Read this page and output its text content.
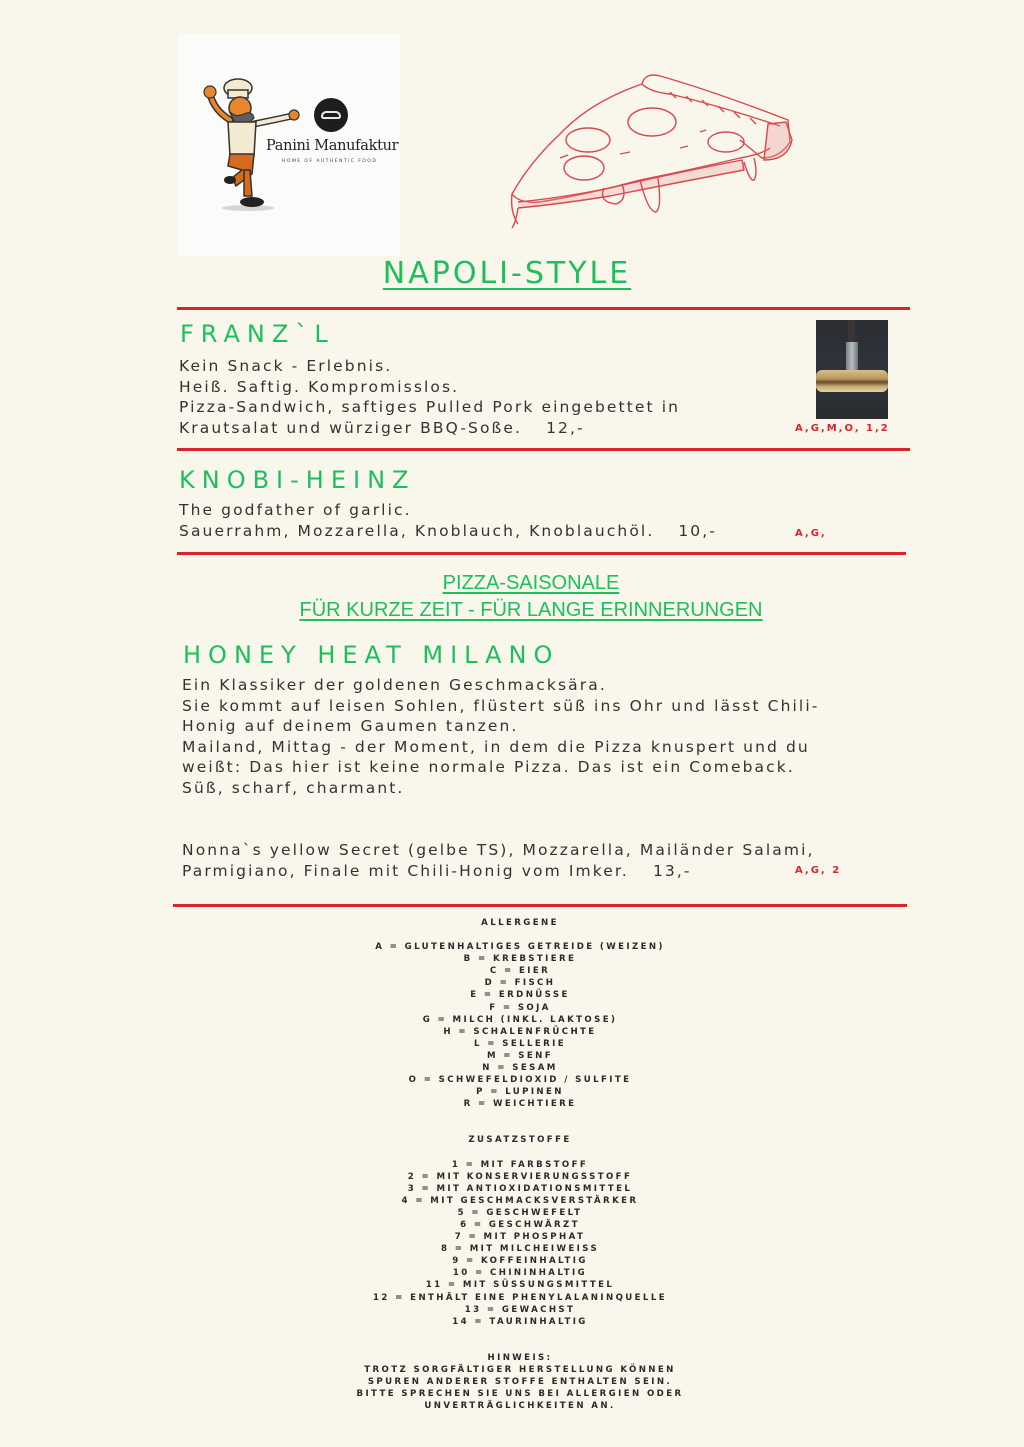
Panini Manufaktur
HOME OF AUTHENTIC FOOD
NAPOLI-STYLE
FRANZ`L
Kein Snack - Erlebnis.
Heiß. Saftig. Kompromisslos.
Pizza-Sandwich, saftiges Pulled Pork eingebettet in
Krautsalat und würziger BBQ-Soße. 12,-	A,G,M,O, 1,2
KNOBI-HEINZ
The godfather of garlic.
Sauerrahm, Mozzarella, Knoblauch, Knoblauchöl. 10,-	A,G,
PIZZA-SAISONALE
FÜR KURZE ZEIT - FÜR LANGE ERINNERUNGEN
HONEY HEAT MILANO
Ein Klassiker der goldenen Geschmacksära.
Sie kommt auf leisen Sohlen, flüstert süß ins Ohr und lässt Chili-
Honig auf deinem Gaumen tanzen.
Mailand, Mittag - der Moment, in dem die Pizza knuspert und du
weißt: Das hier ist keine normale Pizza. Das ist ein Comeback.
Süß, scharf, charmant.
Nonna`s yellow Secret (gelbe TS), Mozzarella, Mailänder Salami,
Parmigiano, Finale mit Chili-Honig vom Imker. 13,-	A,G, 2
ALLERGENE
A = GLUTENHALTIGES GETREIDE (WEIZEN)
B = KREBSTIERE
C = EIER
D = FISCH
E = ERDNÜSSE
F = SOJA
G = MILCH (INKL. LAKTOSE)
H = SCHALENFRÜCHTE
L = SELLERIE
M = SENF
N = SESAM
O = SCHWEFELDIOXID / SULFITE
P = LUPINEN
R = WEICHTIERE
ZUSATZSTOFFE
1 = MIT FARBSTOFF
2 = MIT KONSERVIERUNGSSTOFF
3 = MIT ANTIOXIDATIONSMITTEL
4 = MIT GESCHMACKSVERSTÄRKER
5 = GESCHWEFELT
6 = GESCHWÄRZT
7 = MIT PHOSPHAT
8 = MIT MILCHEIWEISS
9 = KOFFEINHALTIG
10 = CHININHALTIG
11 = MIT SÜSSUNGSMITTEL
12 = ENTHÄLT EINE PHENYLALANINQUELLE
13 = GEWACHST
14 = TAURINHALTIG
HINWEIS:
TROTZ SORGFÄLTIGER HERSTELLUNG KÖNNEN
SPUREN ANDERER STOFFE ENTHALTEN SEIN.
BITTE SPRECHEN SIE UNS BEI ALLERGIEN ODER
UNVERTRÄGLICHKEITEN AN.
